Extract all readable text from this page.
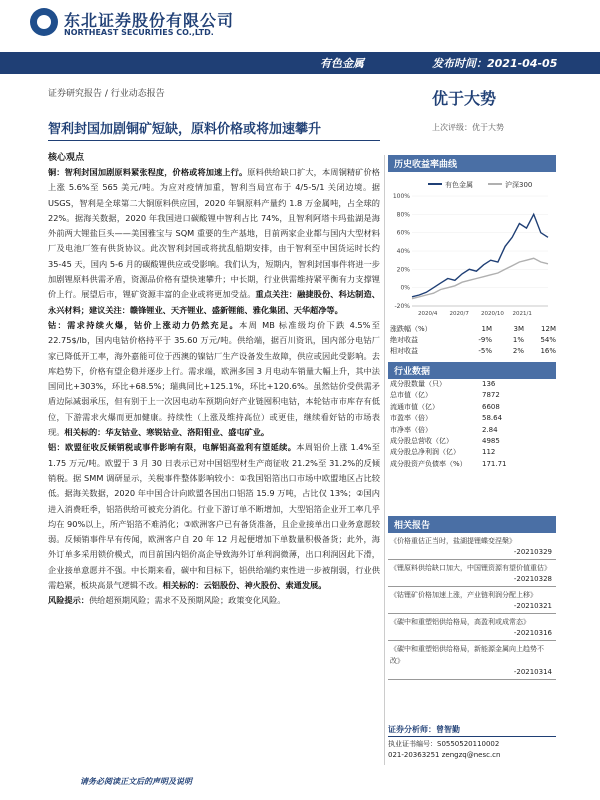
东北证券股份有限公司
NORTHEAST SECURITIES CO.,LTD.
有色金属	发布时间：2021-04-05
证券研究报告 / 行业动态报告
智利封国加剧铜矿短缺，原料价格或将加速攀升
优于大势
上次评级：优于大势
核心观点

铜：智利封国加剧原料紧张程度，价格或将加速上行。原料供给缺口扩大，本周铜精矿价格上涨 5.6%至 565 美元/吨。为应对疫情加重，智利当局宣布于 4/5-5/1 关闭边境。据 USGS，智利是全球第二大铜原料供应国，2020 年铜原料产量约 1.8 万金属吨，占全球的 22%。据海关数据，2020 年我国进口碳酸锂中智利占比 74%，且智利阿塔卡玛盐湖是海外前两大锂盐巨头——美国雅宝与 SQM 重要的生产基地，目前两家企业都与国内大型材料厂及电池厂签有供货协议。此次智利封国或将扰乱船期安排，由于智利至中国货运时长约 35-45 天，国内 5-6 月的碳酸锂供应或受影响。我们认为，短期内，智利封国事件将进一步加剧锂原料供需矛盾，资源品价格有望快速攀升；中长期，行业供需维持紧平衡有力支撑锂价上行。展望后市，锂矿资源丰富的企业或将更加受益。重点关注：融捷股份、科达制造、永兴材料；建议关注：赣锋锂业、天齐锂业、盛新锂能、雅化集团、天华超净等。

钴：需求持续火爆，钴价上涨动力仍然充足。本周 MB 标准级均价下跌 4.5%至 22.75$/lb，国内电钴价格持平于 35.60 万元/吨。供给端，据百川资讯，国内部分电钴厂家已降低开工率，海外嘉能可位于西澳的镍钴厂生产设备发生故障，供应或因此受影响。去库趋势下，价格有望企稳并逐步上行。需求端，欧洲多国 3 月电动车销量大幅上升，其中法国同比+303%，环比+68.5%；瑞典同比+125.1%，环比+120.6%。虽然钴价受供需矛盾边际减弱承压，但有别于上一次因电动车预期向好产业链囤积电钴，本轮钴市市库存有低位，下游需求火爆而更加健康。持续性（上涨及维持高位）或更佳，继续看好钴的市场表现。相关标的：华友钴业、寒锐钴业、洛阳钼业、盛屯矿业。

铝：欧盟征收反倾销税或事件影响有限，电解铝高盈利有望延续。本周铝价上涨 1.4%至 1.75 万元/吨。欧盟于 3 月 30 日表示已对中国铝型材生产商征收 21.2%至 31.2%的反倾销税。据 SMM 调研显示，关税事件整体影响较小：①我国铝箔出口市场中欧盟地区占比较低。据海关数据，2020 年中国合计向欧盟各国出口铝箔 15.9 万吨，占比仅 13%；②国内进入消费旺季，铝箔供给可被充分消化。行业下游订单不断增加，大型铝箔企业开工率几乎均在 90%以上，所产铝箔不难消化；③欧洲客户已有备货准备，且企业接单出口业务意愿较弱。反倾销事件早有传闻，欧洲客户自 20 年 12 月起便增加下单数量积极备货；此外，海外订单多采用锁价模式，而目前国内铝价高企导致海外订单利润微薄，出口利润因此下滑，企业接单意愿并不强。中长期来看，碳中和目标下，铝供给端约束性进一步被削弱，行业供需趋紧，板块高景气逻辑不改。相关标的：云铝股份、神火股份、索通发展。

风险提示：供给超预期风险；需求不及预期风险；政策变化风险。

历史收益率曲线
有色金属	沪深300
100%
80%
60%
40%
20%
0%
-20%
2020/4 2020/7 2020/10 2021/1
涨跌幅（%）	1M	3M	12M
绝对收益	-9%	1%	54%
相对收益	-5%	2%	16%
行业数据
成分股数量（只）	136
总市值（亿）	7872
流通市值（亿）	6608
市盈率（倍）	58.64
市净率（倍）	2.84
成分股总营收（亿）	4985
成分股总净利润（亿）	112
成分股资产负债率（%）	171.71
相关报告
《价格重估正当时，盐湖提锂蝶变涅槃》
-20210329
《锂原料供给缺口加大，中国锂资源有望价值重估》
-20210328
《钴锂矿价格加速上涨，产业链利润分配上移》
-20210321
《碳中和重塑铝供给格局，高盈利或成常态》
-20210316
《碳中和重塑铝供给格局，新能源金属向上趋势不改》
-20210314
证券分析师：曾智勤
执业证书编号：S0550520110002
021-20363251 zengzq@nesc.cn
请务必阅读正文后的声明及说明
